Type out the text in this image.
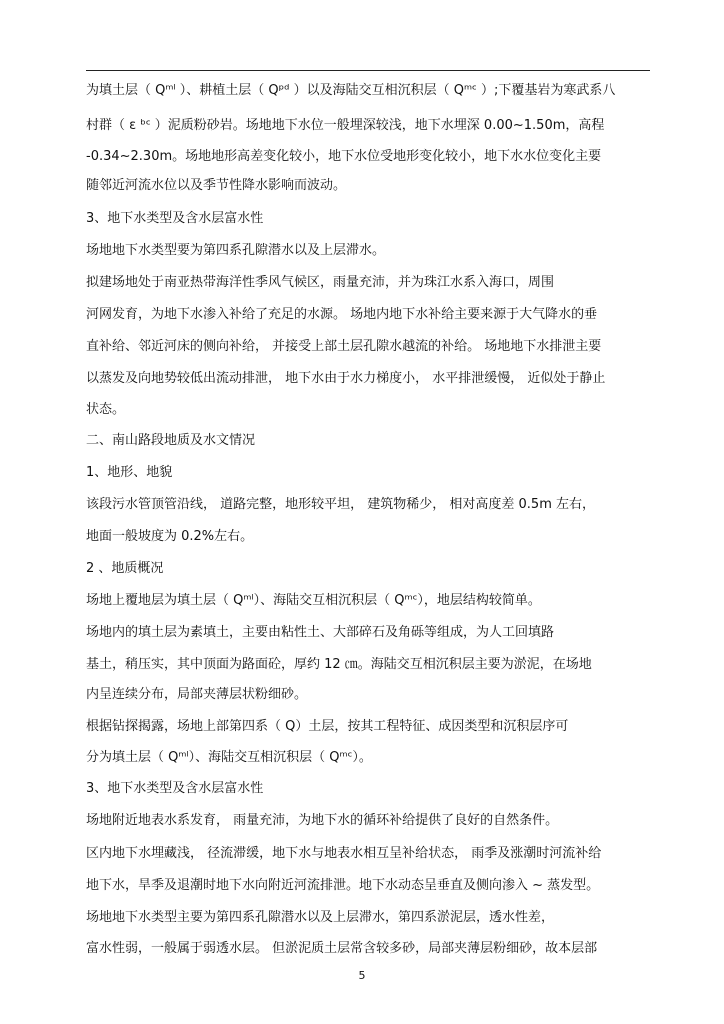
为填土层（ Qᵐˡ ）、耕植土层（ Qᵖᵈ ）以及海陆交互相沉积层（ Qᵐᶜ ）;下覆基岩为寒武系八
村群（ ε ᵇᶜ ）泥质粉砂岩。场地地下水位一般埋深较浅，地下水埋深 0.00~1.50m，高程
-0.34~2.30m。场地地形高差变化较小，地下水位受地形变化较小，地下水水位变化主要
随邻近河流水位以及季节性降水影响而波动。
3、地下水类型及含水层富水性
场地地下水类型要为第四系孔隙潜水以及上层滞水。
拟建场地处于南亚热带海洋性季风气候区，雨量充沛，并为珠江水系入海口，周围
河网发育，为地下水渗入补给了充足的水源。 场地内地下水补给主要来源于大气降水的垂
直补给、邻近河床的侧向补给， 并接受上部土层孔隙水越流的补给。 场地地下水排泄主要
以蒸发及向地势较低出流动排泄， 地下水由于水力梯度小， 水平排泄缓慢， 近似处于静止
状态。
二、南山路段地质及水文情况
1、地形、地貌
该段污水管顶管沿线， 道路完整，地形较平坦， 建筑物稀少， 相对高度差 0.5m 左右，
地面一般坡度为 0.2%左右。
2 、地质概况
场地上覆地层为填土层（ Qᵐˡ）、海陆交互相沉积层（ Qᵐᶜ），地层结构较简单。
场地内的填土层为素填土，主要由粘性土、大部碎石及角砾等组成，为人工回填路
基土，稍压实，其中顶面为路面砼，厚约 12 ㎝。海陆交互相沉积层主要为淤泥，在场地
内呈连续分布，局部夹薄层状粉细砂。
根据钻探揭露，场地上部第四系（ Q）土层，按其工程特征、成因类型和沉积层序可
分为填土层（ Qᵐˡ）、海陆交互相沉积层（ Qᵐᶜ）。
3、地下水类型及含水层富水性
场地附近地表水系发育， 雨量充沛，为地下水的循环补给提供了良好的自然条件。
区内地下水埋藏浅， 径流滞缓，地下水与地表水相互呈补给状态， 雨季及涨潮时河流补给
地下水，旱季及退潮时地下水向附近河流排泄。地下水动态呈垂直及侧向渗入 ~ 蒸发型。
场地地下水类型主要为第四系孔隙潜水以及上层滞水，第四系淤泥层，透水性差，
富水性弱，一般属于弱透水层。 但淤泥质土层常含较多砂，局部夹薄层粉细砂，故本层部
5
